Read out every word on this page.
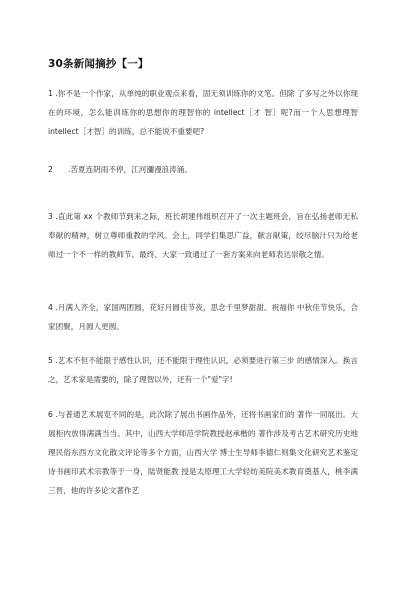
30条新闻摘抄【一】
1 .你不是一个作家，从单纯的职业观点来看，固无须训练你的文笔。但除 了多写之外以你现在的环境，怎么能训练你的思想你的理智你的 intellect［才 智］呢?而一个人思想理智 intellect［才智］的训练，总不能说不重要吧?
2　　.苦夏连阴雨不停，江河瀰漫浪涛涌。
3 .直此第 xx 个教师节到来之际，班长胡建伟组织召开了一次主题班会，旨在弘扬老师无私奉献的精神，树立尊师重教的学风。会上，同学们集思广益，献言献策，绞尽脑汁只为给老师过一个不一样的教师节。最终、大家一致通过了一套方案来向老师表达崇敬之情。
4 .月满人齐全，家国两团圆，花好月圆佳节夜，思念千里梦甜甜。祝福你 中秋佳节快乐，合家团聚，月圆人更圆。
5 .艺术不但不能限于感性认识，还不能限于理性认识，必须要进行第三步 的感情深入。换言之，艺术家是需要的，除了理智以外，还有一个"爱"字!
6 .与普通艺术展览不同的是，此次除了展出书画作品外，还将书画家们的 著作一同展出。大展柜内放得满满当当。其中，山西大学师范学院教授赵承楷的 著作涉及考古艺术研究历史地理民俗东西方文化散文评论等多个方面，山西大学 博士生导师李德仁则集文化研究艺术鉴定诗书画印武术宗教等于一身，陆贤能教 授是太原理工大学轻纺美院美术教育奠基人，桃李满三晋，他的许多论文著作艺
